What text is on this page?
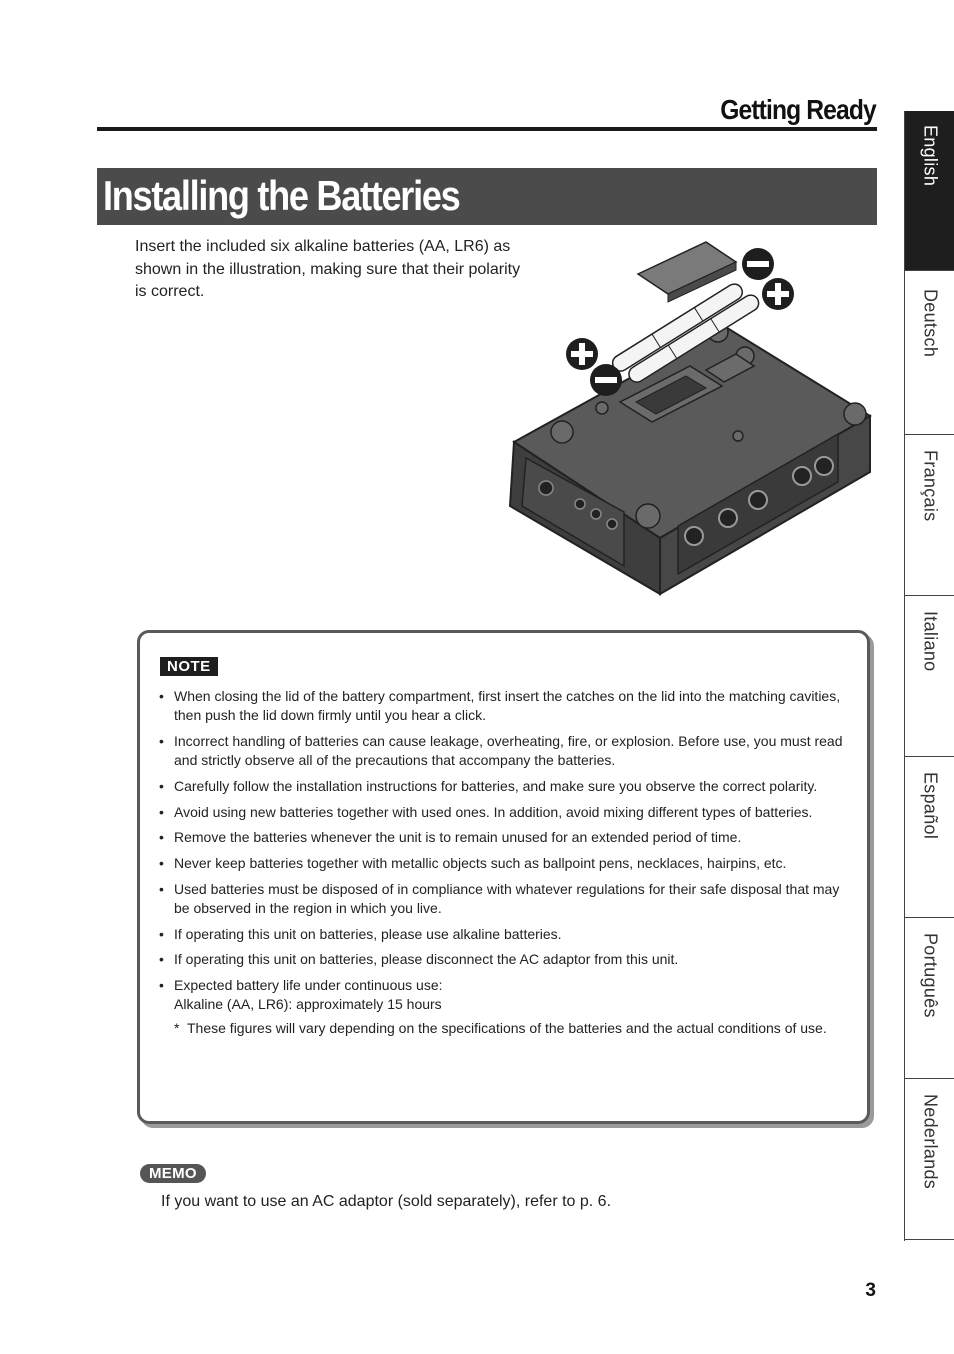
Getting Ready
Installing the Batteries
Insert the included six alkaline batteries (AA, LR6) as shown in the illustration, making sure that their polarity is correct.
NOTE
• When closing the lid of the battery compartment, first insert the catches on the lid into the matching cavities, then push the lid down firmly until you hear a click.
• Incorrect handling of batteries can cause leakage, overheating, fire, or explosion. Before use, you must read and strictly observe all of the precautions that accompany the batteries.
• Carefully follow the installation instructions for batteries, and make sure you observe the correct polarity.
• Avoid using new batteries together with used ones. In addition, avoid mixing different types of batteries.
• Remove the batteries whenever the unit is to remain unused for an extended period of time.
• Never keep batteries together with metallic objects such as ballpoint pens, necklaces, hairpins, etc.
• Used batteries must be disposed of in compliance with whatever regulations for their safe disposal that may be observed in the region in which you live.
• If operating this unit on batteries, please use alkaline batteries.
• If operating this unit on batteries, please disconnect the AC adaptor from this unit.
• Expected battery life under continuous use:
Alkaline (AA, LR6): approximately 15 hours
* These figures will vary depending on the specifications of the batteries and the actual conditions of use.
MEMO
If you want to use an AC adaptor (sold separately), refer to p. 6.
3
English
Deutsch
Français
Italiano
Español
Português
Nederlands
